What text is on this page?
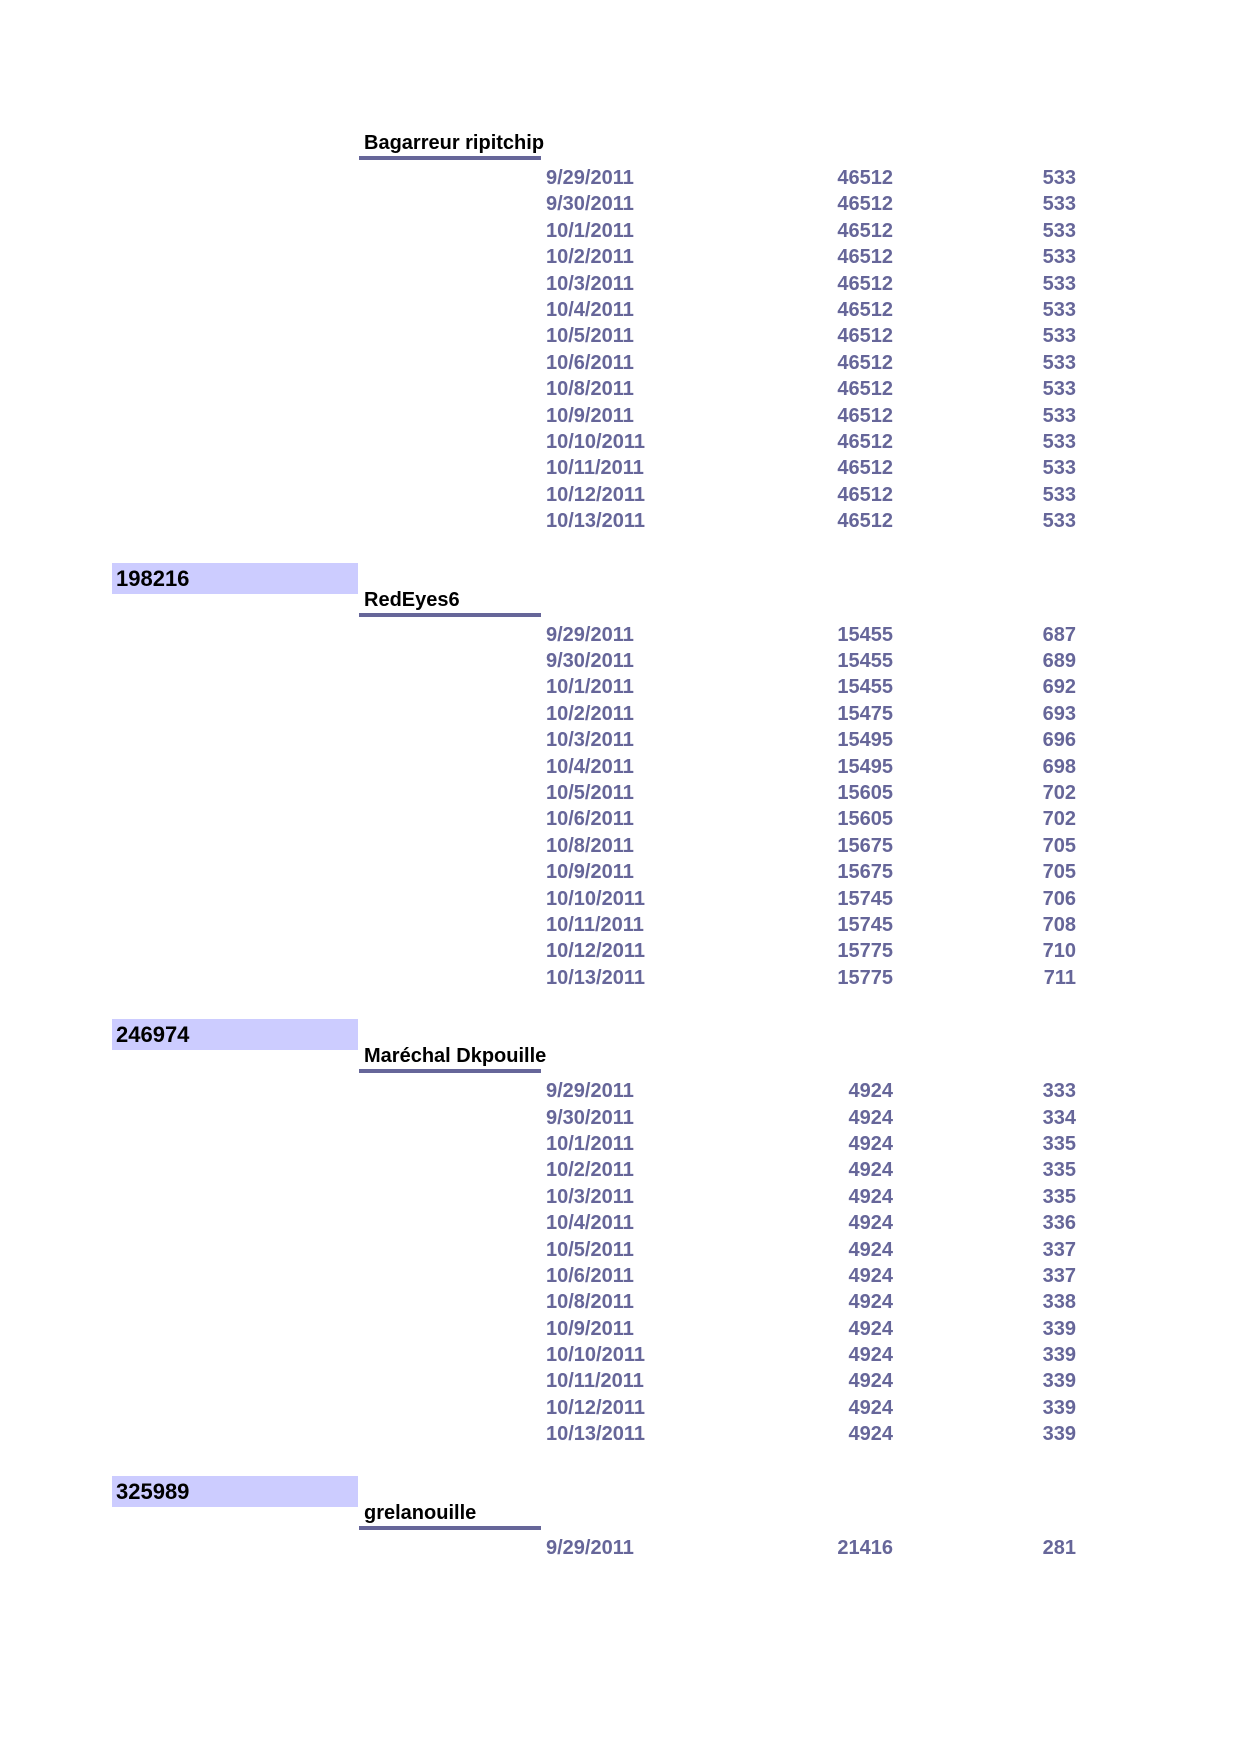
Bagarreur ripitchip
9/29/2011	46512	533
9/30/2011	46512	533
10/1/2011	46512	533
10/2/2011	46512	533
10/3/2011	46512	533
10/4/2011	46512	533
10/5/2011	46512	533
10/6/2011	46512	533
10/8/2011	46512	533
10/9/2011	46512	533
10/10/2011	46512	533
10/11/2011	46512	533
10/12/2011	46512	533
10/13/2011	46512	533
198216
RedEyes6
9/29/2011	15455	687
9/30/2011	15455	689
10/1/2011	15455	692
10/2/2011	15475	693
10/3/2011	15495	696
10/4/2011	15495	698
10/5/2011	15605	702
10/6/2011	15605	702
10/8/2011	15675	705
10/9/2011	15675	705
10/10/2011	15745	706
10/11/2011	15745	708
10/12/2011	15775	710
10/13/2011	15775	711
246974
Maréchal Dkpouille
9/29/2011	4924	333
9/30/2011	4924	334
10/1/2011	4924	335
10/2/2011	4924	335
10/3/2011	4924	335
10/4/2011	4924	336
10/5/2011	4924	337
10/6/2011	4924	337
10/8/2011	4924	338
10/9/2011	4924	339
10/10/2011	4924	339
10/11/2011	4924	339
10/12/2011	4924	339
10/13/2011	4924	339
325989
grelanouille
9/29/2011	21416	281
